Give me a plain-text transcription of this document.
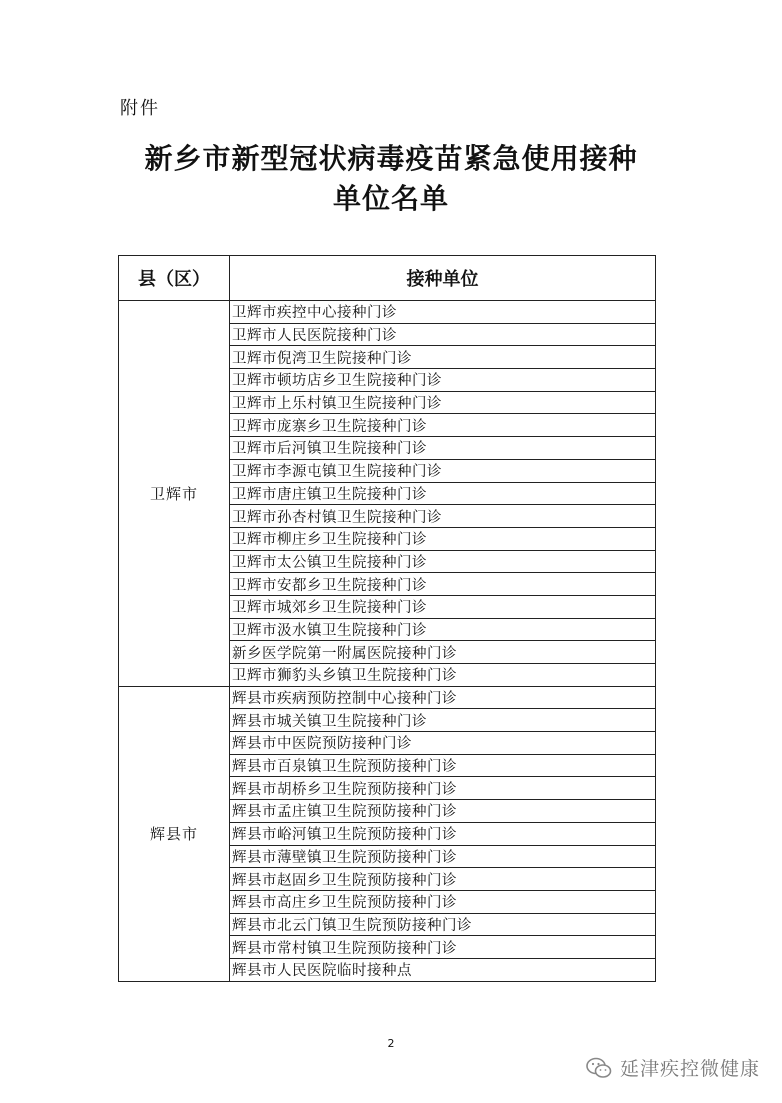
附件
新乡市新型冠状病毒疫苗紧急使用接种
单位名单
县（区）	接种单位
卫辉市	卫辉市疾控中心接种门诊
	卫辉市人民医院接种门诊
	卫辉市倪湾卫生院接种门诊
	卫辉市顿坊店乡卫生院接种门诊
	卫辉市上乐村镇卫生院接种门诊
	卫辉市庞寨乡卫生院接种门诊
	卫辉市后河镇卫生院接种门诊
	卫辉市李源屯镇卫生院接种门诊
	卫辉市唐庄镇卫生院接种门诊
	卫辉市孙杏村镇卫生院接种门诊
	卫辉市柳庄乡卫生院接种门诊
	卫辉市太公镇卫生院接种门诊
	卫辉市安都乡卫生院接种门诊
	卫辉市城郊乡卫生院接种门诊
	卫辉市汲水镇卫生院接种门诊
	新乡医学院第一附属医院接种门诊
	卫辉市狮豹头乡镇卫生院接种门诊
辉县市	辉县市疾病预防控制中心接种门诊
	辉县市城关镇卫生院接种门诊
	辉县市中医院预防接种门诊
	辉县市百泉镇卫生院预防接种门诊
	辉县市胡桥乡卫生院预防接种门诊
	辉县市孟庄镇卫生院预防接种门诊
	辉县市峪河镇卫生院预防接种门诊
	辉县市薄壁镇卫生院预防接种门诊
	辉县市赵固乡卫生院预防接种门诊
	辉县市高庄乡卫生院预防接种门诊
	辉县市北云门镇卫生院预防接种门诊
	辉县市常村镇卫生院预防接种门诊
	辉县市人民医院临时接种点
2
延津疾控微健康
